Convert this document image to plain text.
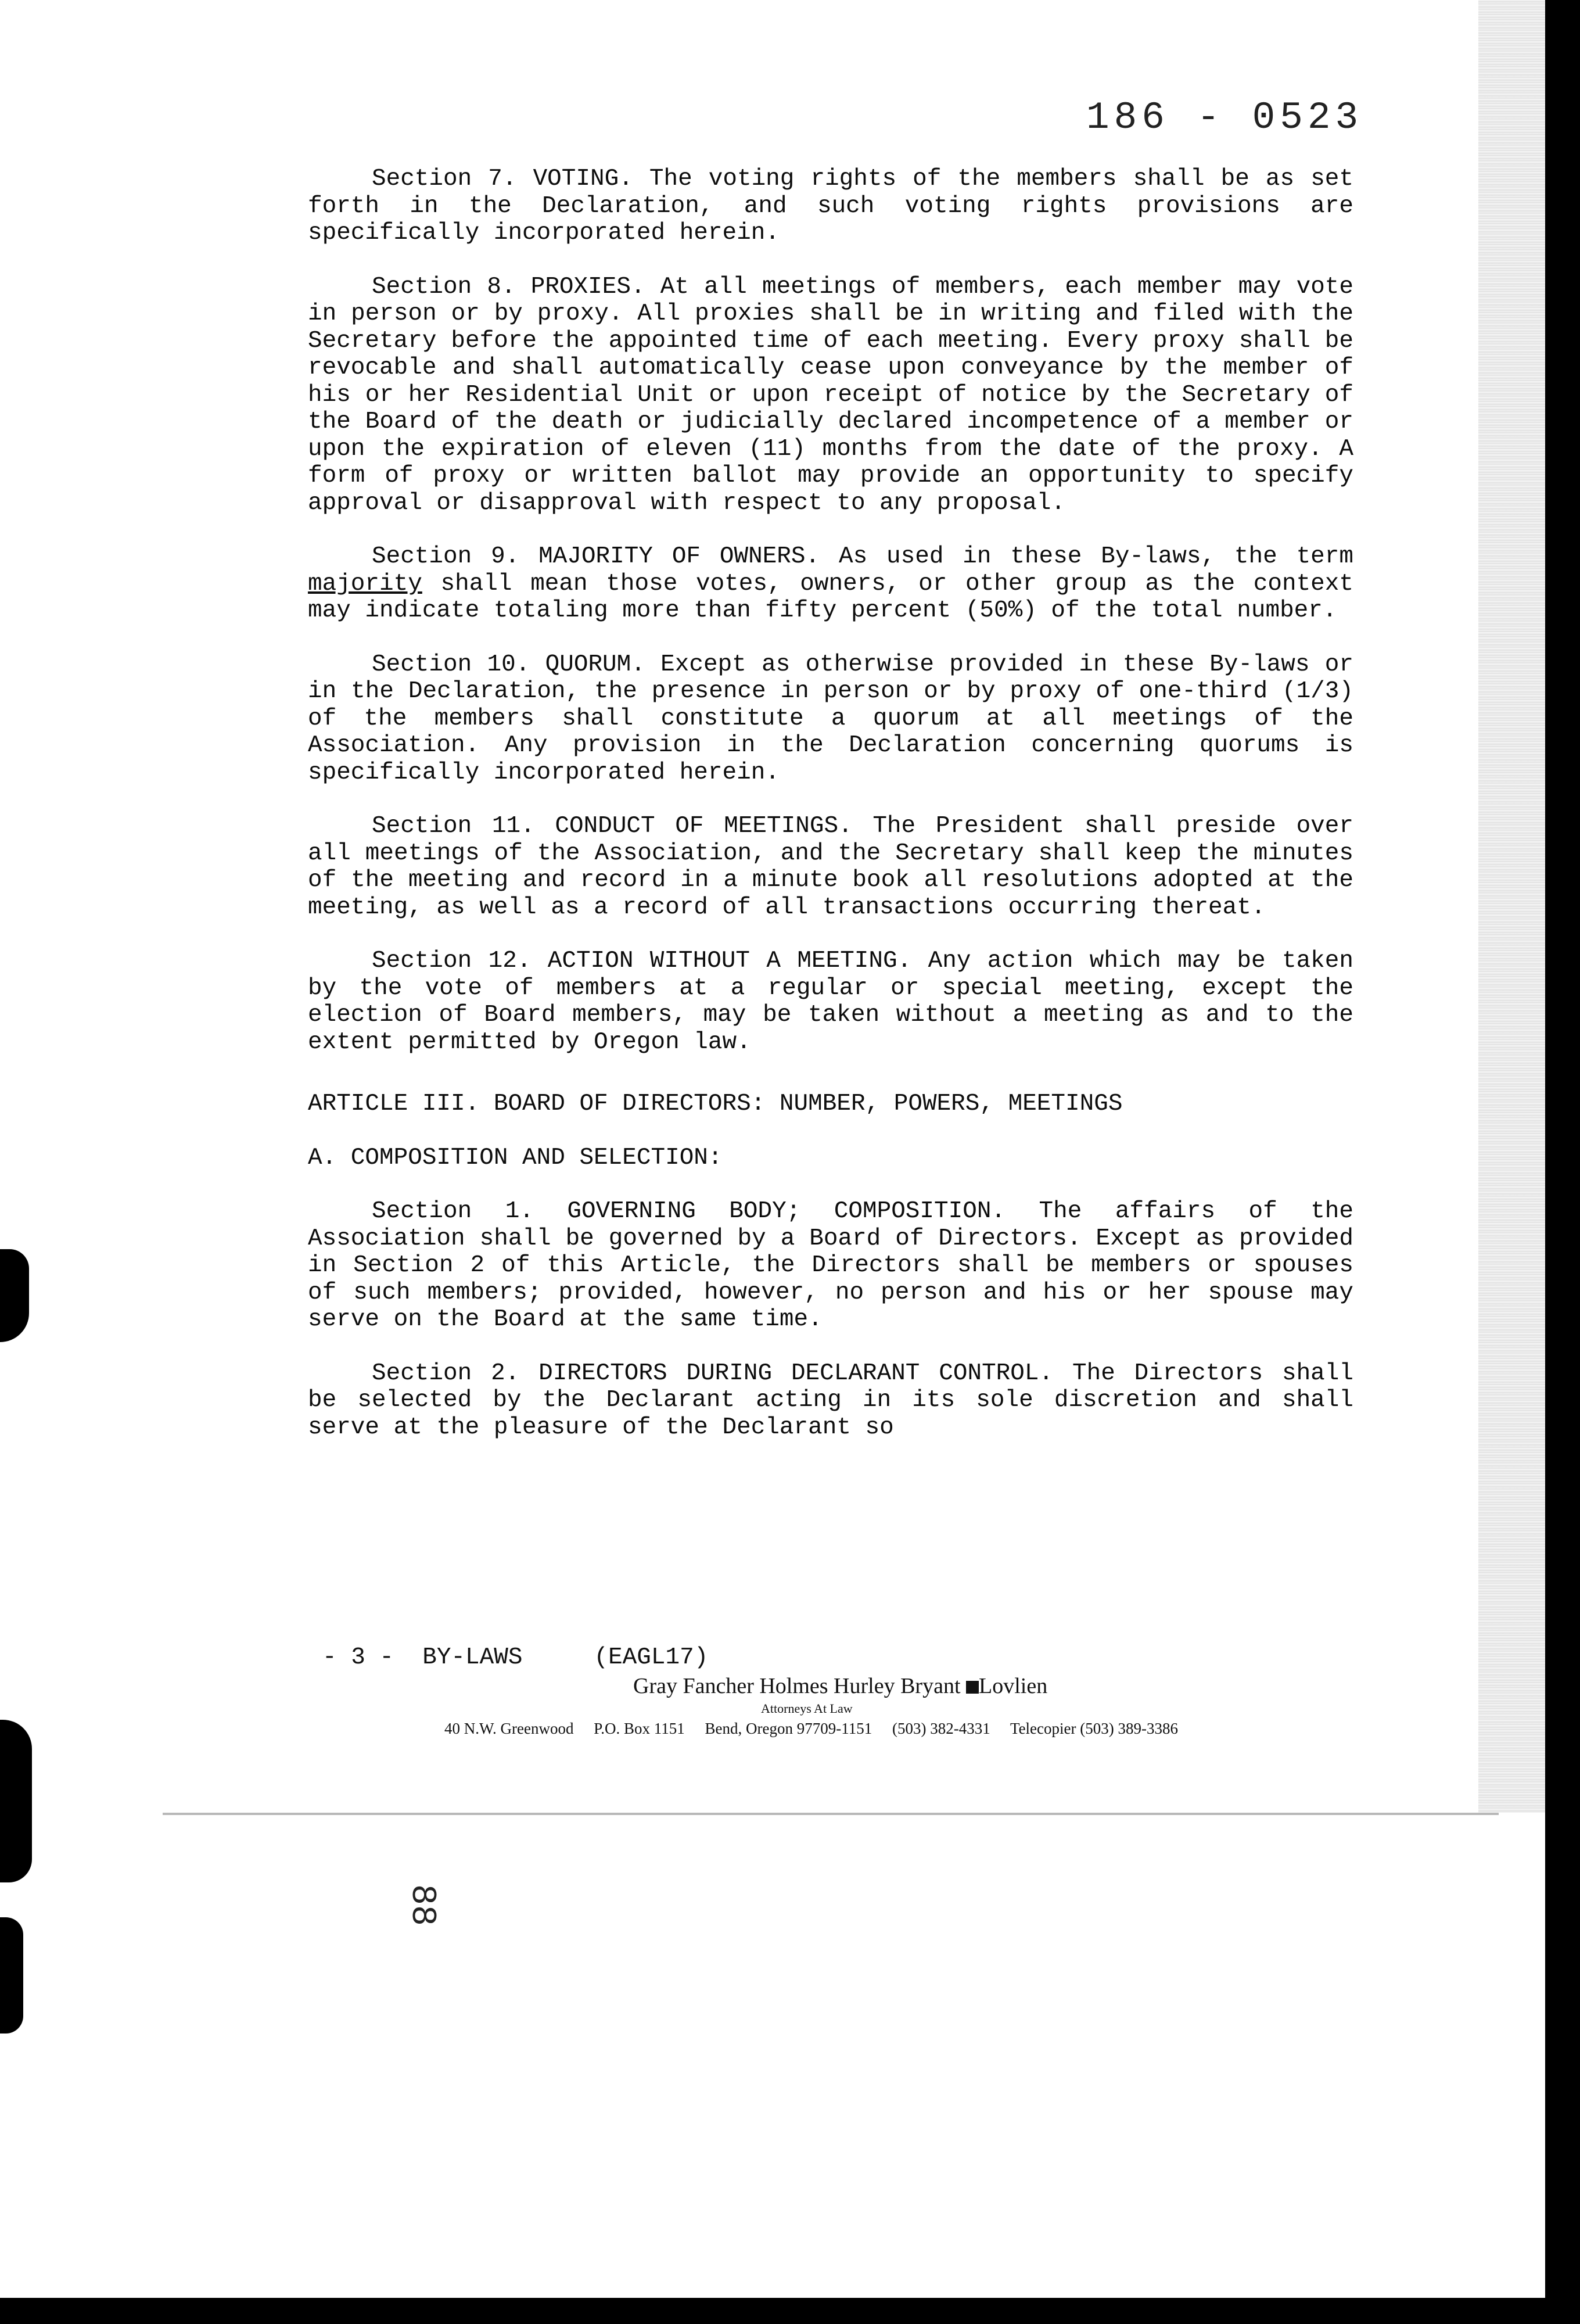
186 - 0523

Section 7. VOTING. The voting rights of the members shall be as set forth in the Declaration, and such voting rights provisions are specifically incorporated herein.

Section 8. PROXIES. At all meetings of members, each member may vote in person or by proxy. All proxies shall be in writing and filed with the Secretary before the appointed time of each meeting. Every proxy shall be revocable and shall automatically cease upon conveyance by the member of his or her Residential Unit or upon receipt of notice by the Secretary of the Board of the death or judicially declared incompetence of a member or upon the expiration of eleven (11) months from the date of the proxy. A form of proxy or written ballot may provide an opportunity to specify approval or disapproval with respect to any proposal.

Section 9. MAJORITY OF OWNERS. As used in these By-laws, the term majority shall mean those votes, owners, or other group as the context may indicate totaling more than fifty percent (50%) of the total number.

Section 10. QUORUM. Except as otherwise provided in these By-laws or in the Declaration, the presence in person or by proxy of one-third (1/3) of the members shall constitute a quorum at all meetings of the Association. Any provision in the Declaration concerning quorums is specifically incorporated herein.

Section 11. CONDUCT OF MEETINGS. The President shall preside over all meetings of the Association, and the Secretary shall keep the minutes of the meeting and record in a minute book all resolutions adopted at the meeting, as well as a record of all transactions occurring thereat.

Section 12. ACTION WITHOUT A MEETING. Any action which may be taken by the vote of members at a regular or special meeting, except the election of Board members, may be taken without a meeting as and to the extent permitted by Oregon law.

ARTICLE III. BOARD OF DIRECTORS: NUMBER, POWERS, MEETINGS
A. COMPOSITION AND SELECTION:

Section 1. GOVERNING BODY; COMPOSITION. The affairs of the Association shall be governed by a Board of Directors. Except as provided in Section 2 of this Article, the Directors shall be members or spouses of such members; provided, however, no person and his or her spouse may serve on the Board at the same time.

Section 2. DIRECTORS DURING DECLARANT CONTROL. The Directors shall be selected by the Declarant acting in its sole discretion and shall serve at the pleasure of the Declarant so

- 3 -  BY-LAWS     (EAGL17)
Gray Fancher Holmes Hurley Bryant Lovlien
Attorneys At Law
40 N.W. Greenwood P.O. Box 1151 Bend, Oregon 97709-1151 (503) 382-4331 Telecopier (503) 389-3386
88
